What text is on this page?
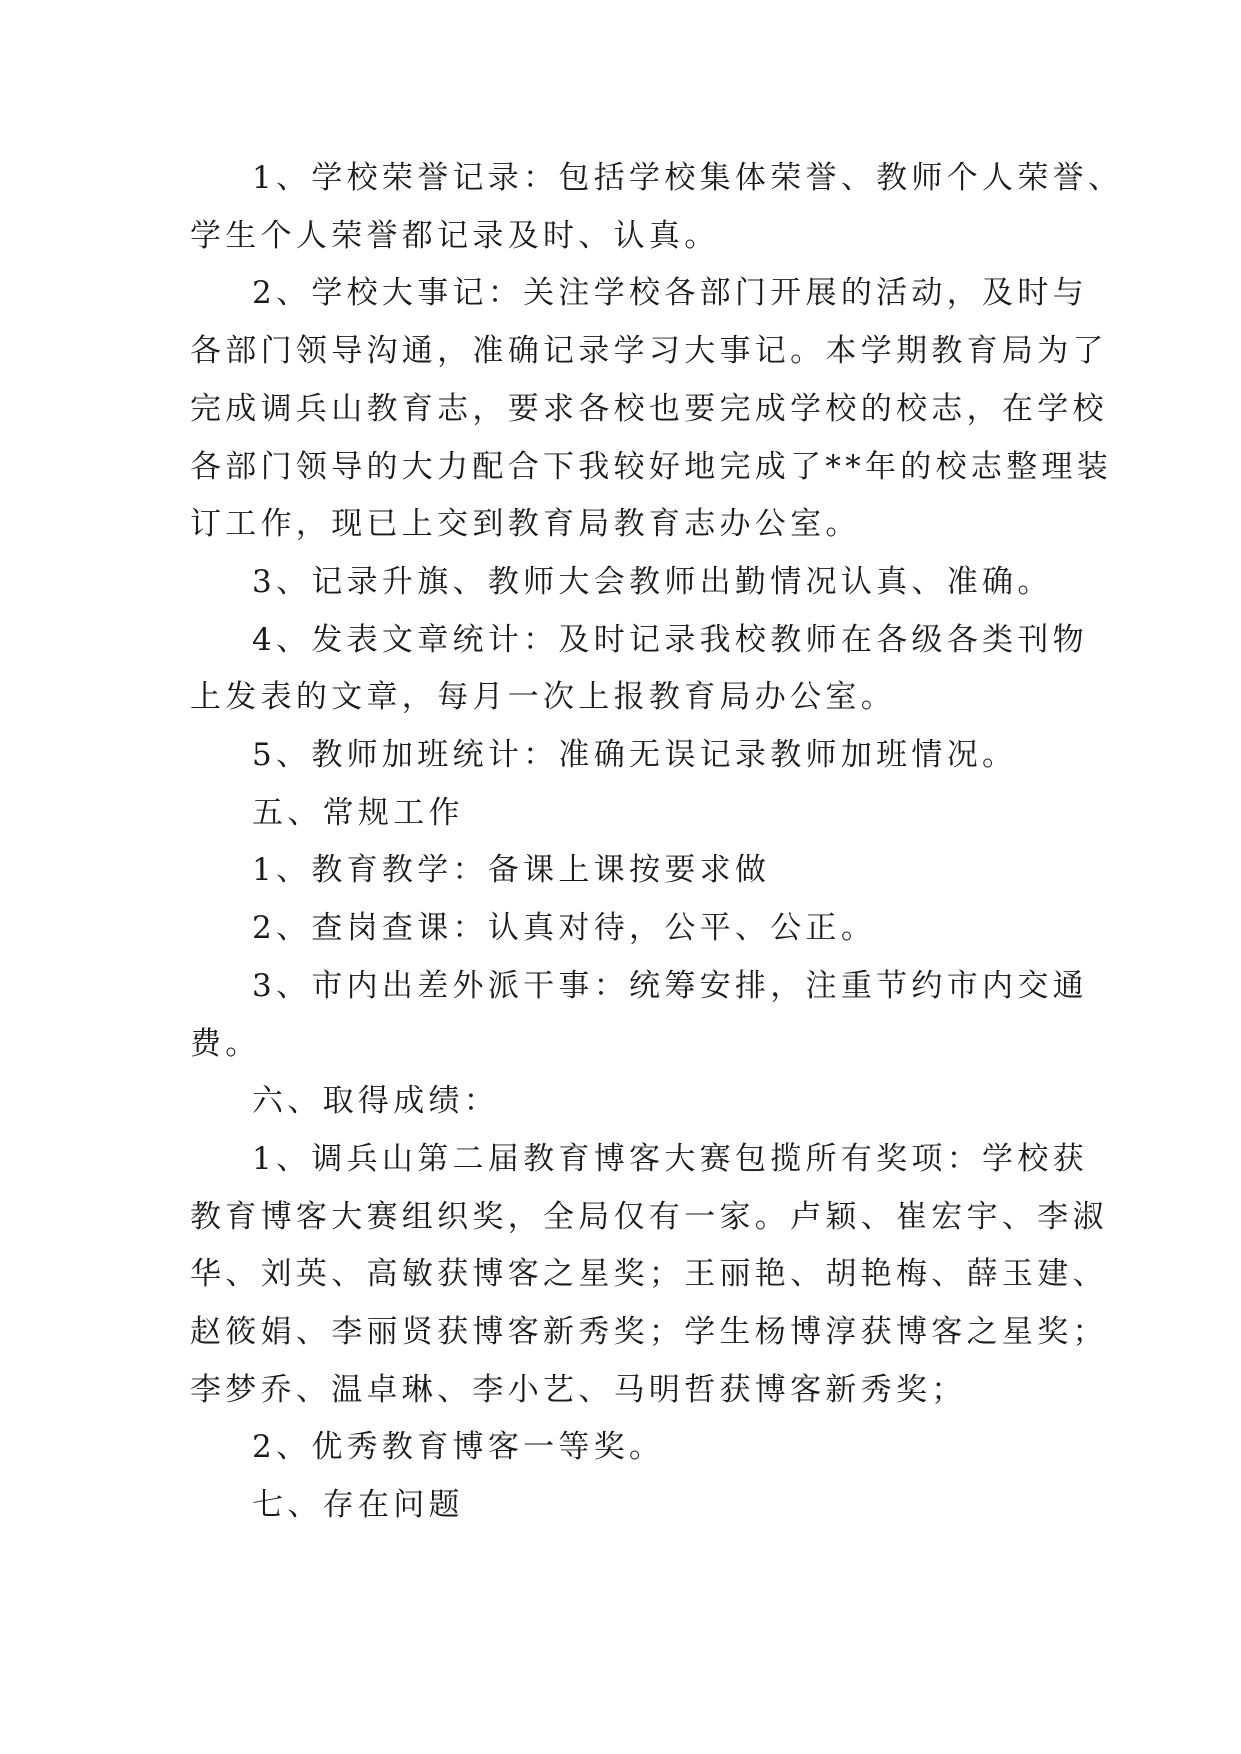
1、学校荣誉记录：包括学校集体荣誉、教师个人荣誉、
学生个人荣誉都记录及时、认真。

2、学校大事记：关注学校各部门开展的活动，及时与
各部门领导沟通，准确记录学习大事记。本学期教育局为了
完成调兵山教育志，要求各校也要完成学校的校志，在学校
各部门领导的大力配合下我较好地完成了**年的校志整理装
订工作，现已上交到教育局教育志办公室。

3、记录升旗、教师大会教师出勤情况认真、准确。

4、发表文章统计：及时记录我校教师在各级各类刊物
上发表的文章，每月一次上报教育局办公室。

5、教师加班统计：准确无误记录教师加班情况。

五、常规工作

1、教育教学：备课上课按要求做

2、查岗查课：认真对待，公平、公正。

3、市内出差外派干事：统筹安排，注重节约市内交通
费。

六、取得成绩：

1、调兵山第二届教育博客大赛包揽所有奖项：学校获
教育博客大赛组织奖，全局仅有一家。卢颖、崔宏宇、李淑
华、刘英、高敏获博客之星奖；王丽艳、胡艳梅、薛玉建、
赵筱娟、李丽贤获博客新秀奖；学生杨博淳获博客之星奖；
李梦乔、温卓琳、李小艺、马明哲获博客新秀奖；

2、优秀教育博客一等奖。

七、存在问题
